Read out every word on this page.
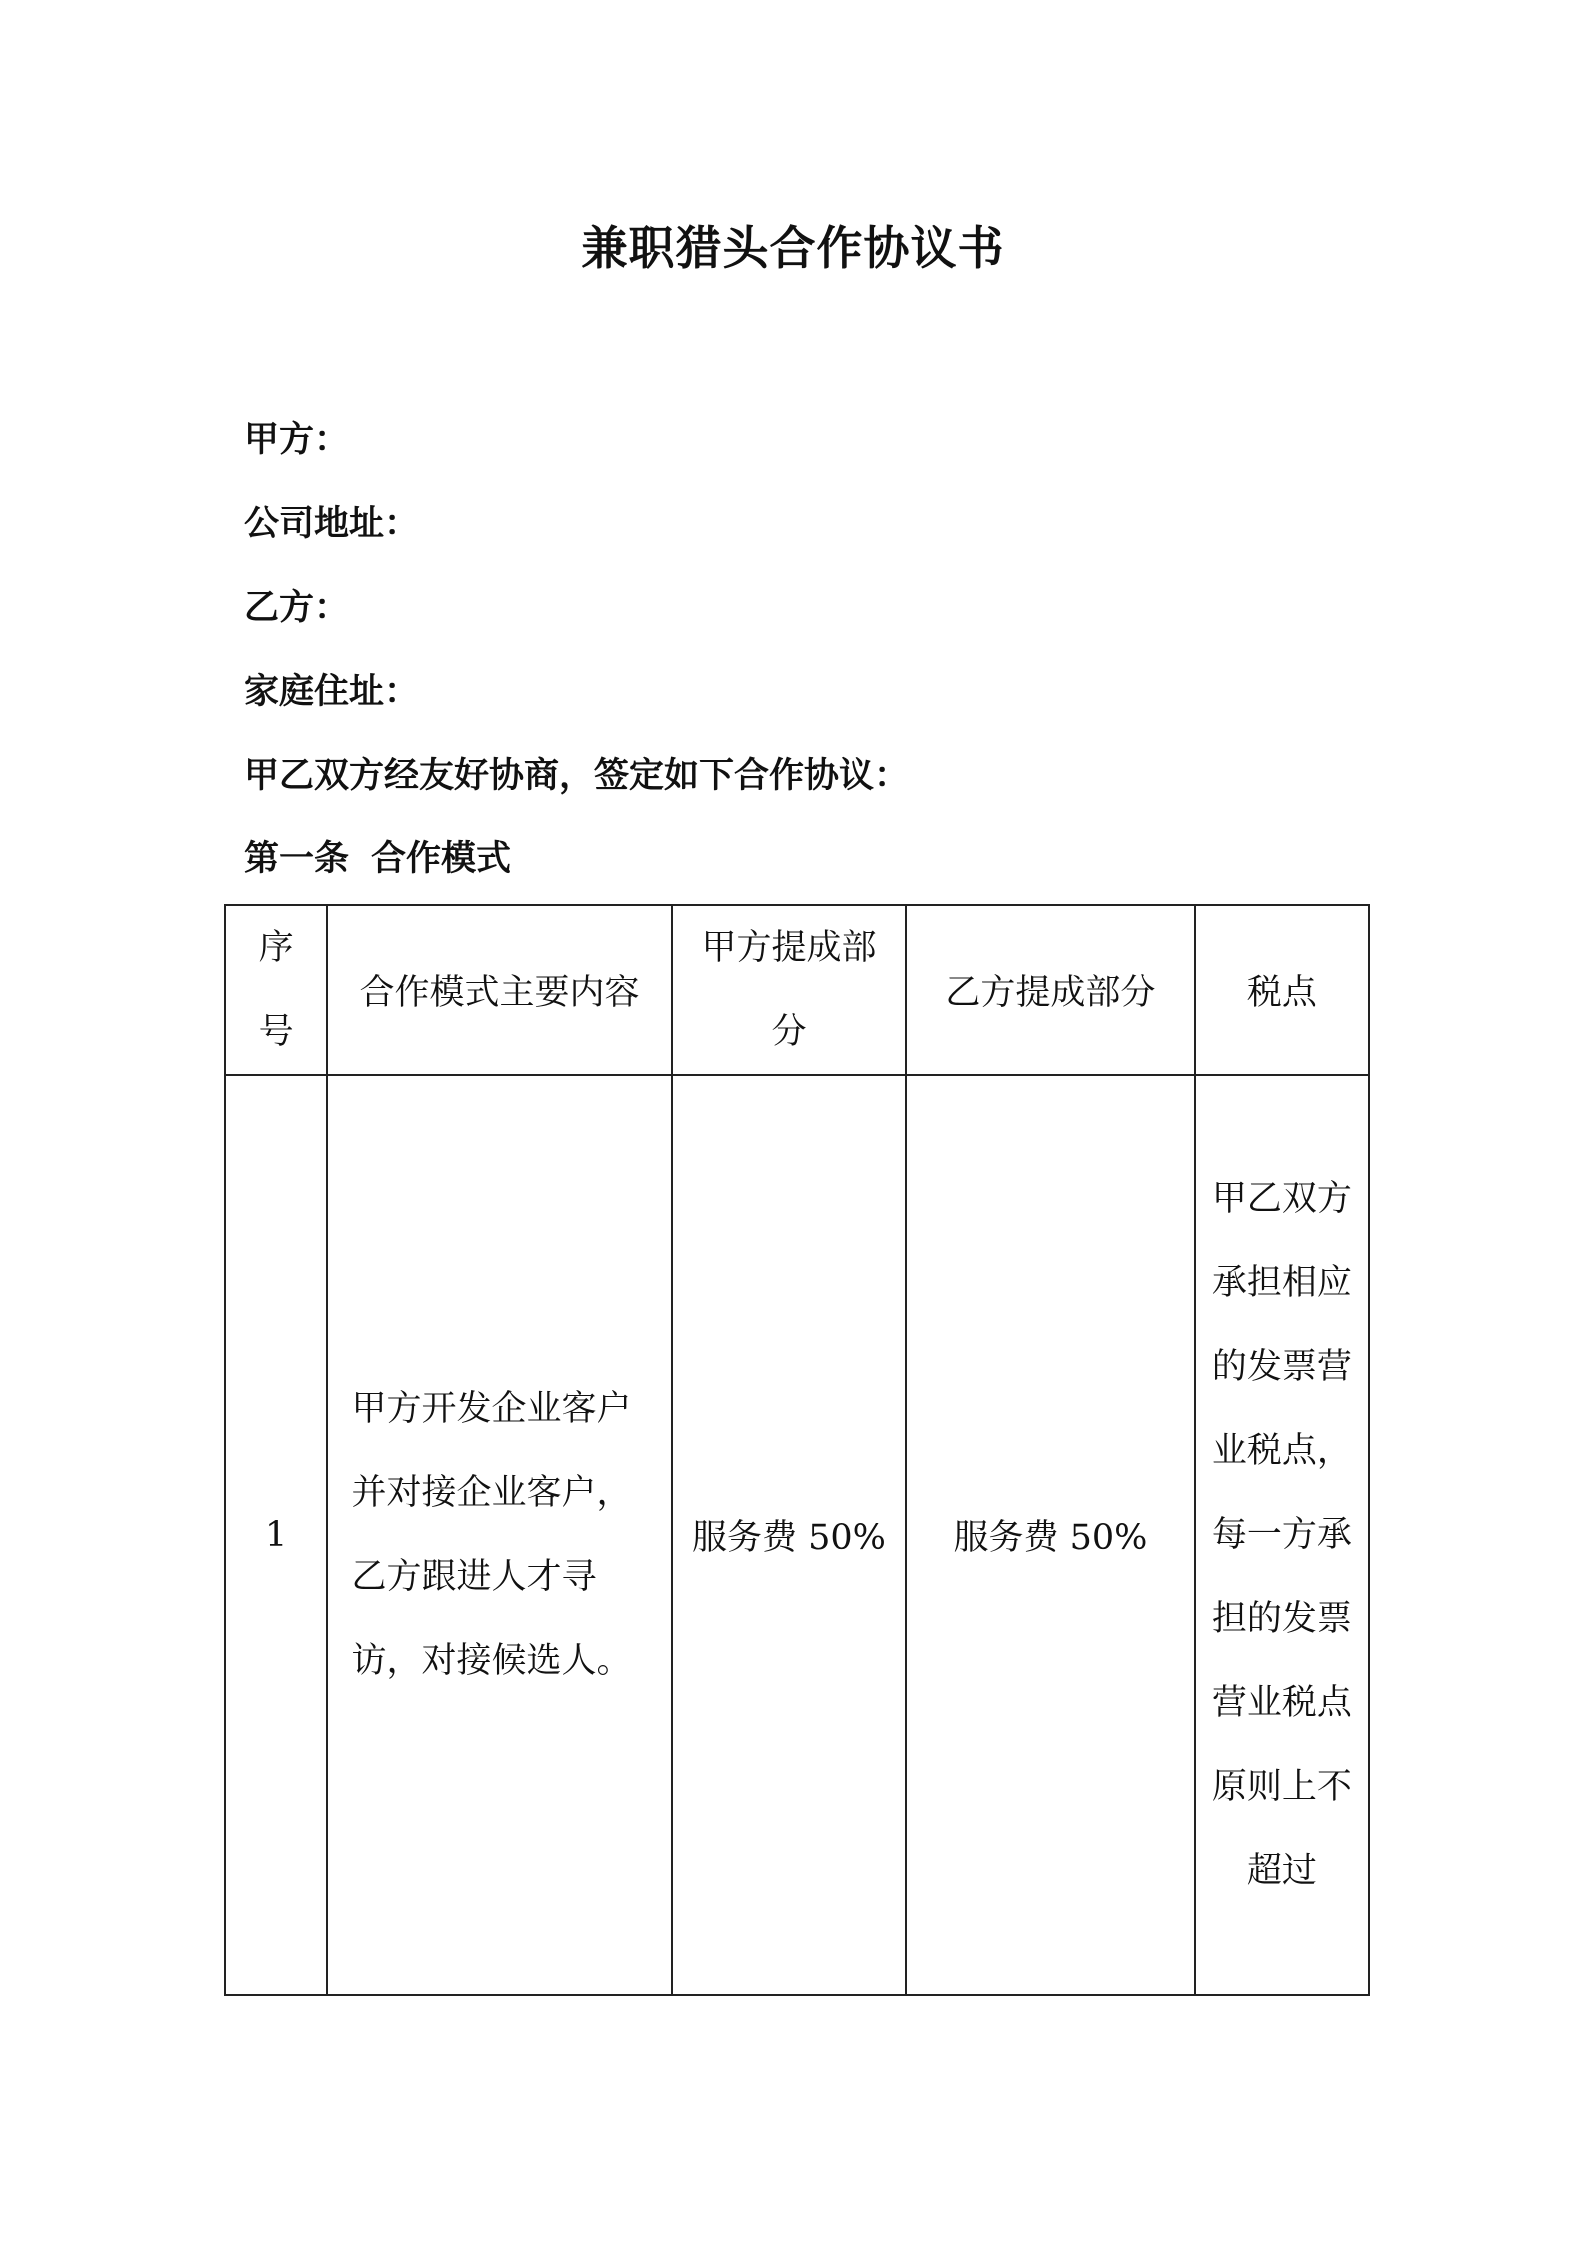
兼职猎头合作协议书
甲方：
公司地址：
乙方：
家庭住址：
甲乙双方经友好协商，签定如下合作协议：
第一条 合作模式
序号	合作模式主要内容	甲方提成部分	乙方提成部分	税点
1	甲方开发企业客户并对接企业客户，　乙方跟进人才寻访，对接候选人。	服务费 50%	服务费 50%	甲乙双方承担相应的发票营业税点，每一方承担的发票营业税点原则上不超过
